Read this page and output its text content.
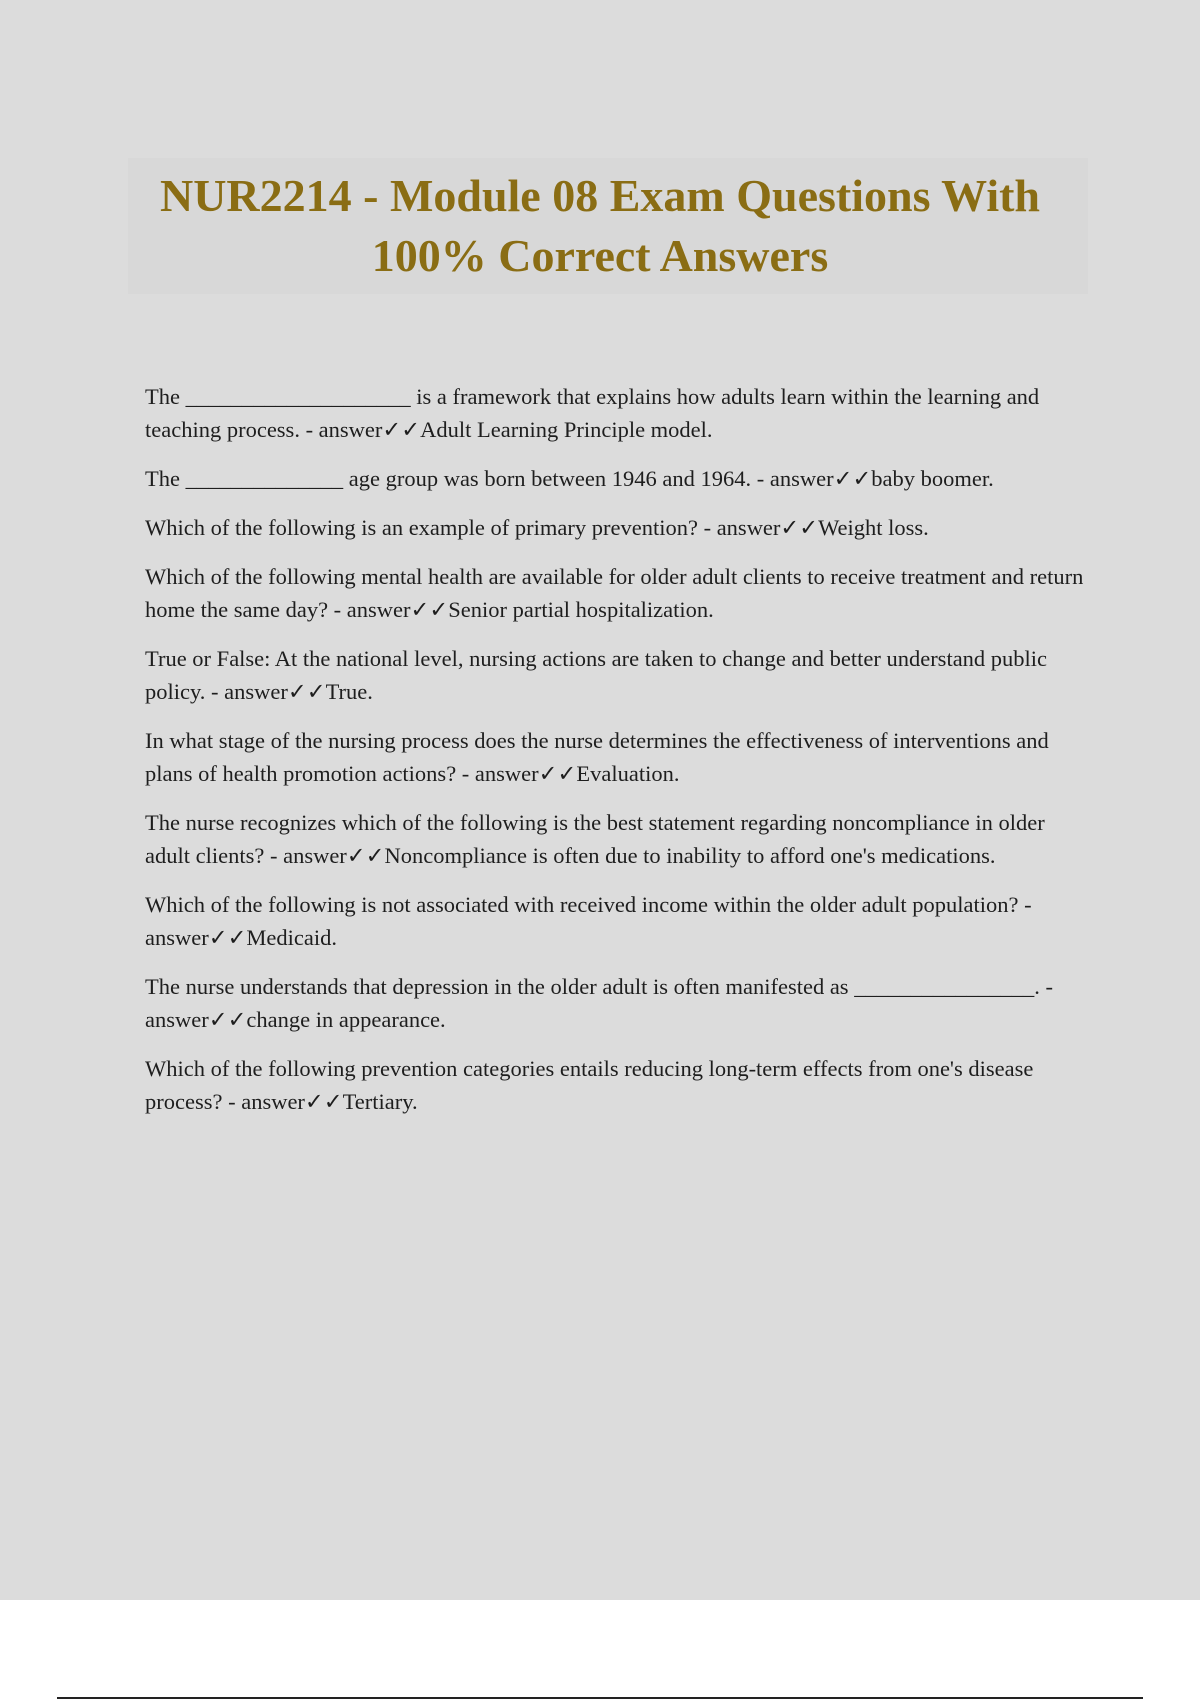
NUR2214 - Module 08 Exam Questions With 100% Correct Answers

The ____________________ is a framework that explains how adults learn within the learning and teaching process. - answer✓✓Adult Learning Principle model.

The ______________ age group was born between 1946 and 1964. - answer✓✓baby boomer.

Which of the following is an example of primary prevention? - answer✓✓Weight loss.

Which of the following mental health are available for older adult clients to receive treatment and return home the same day? - answer✓✓Senior partial hospitalization.

True or False: At the national level, nursing actions are taken to change and better understand public policy. - answer✓✓True.

In what stage of the nursing process does the nurse determines the effectiveness of interventions and plans of health promotion actions? - answer✓✓Evaluation.

The nurse recognizes which of the following is the best statement regarding noncompliance in older adult clients? - answer✓✓Noncompliance is often due to inability to afford one's medications.

Which of the following is not associated with received income within the older adult population? - answer✓✓Medicaid.

The nurse understands that depression in the older adult is often manifested as ________________. - answer✓✓change in appearance.

Which of the following prevention categories entails reducing long-term effects from one's disease process? - answer✓✓Tertiary.
